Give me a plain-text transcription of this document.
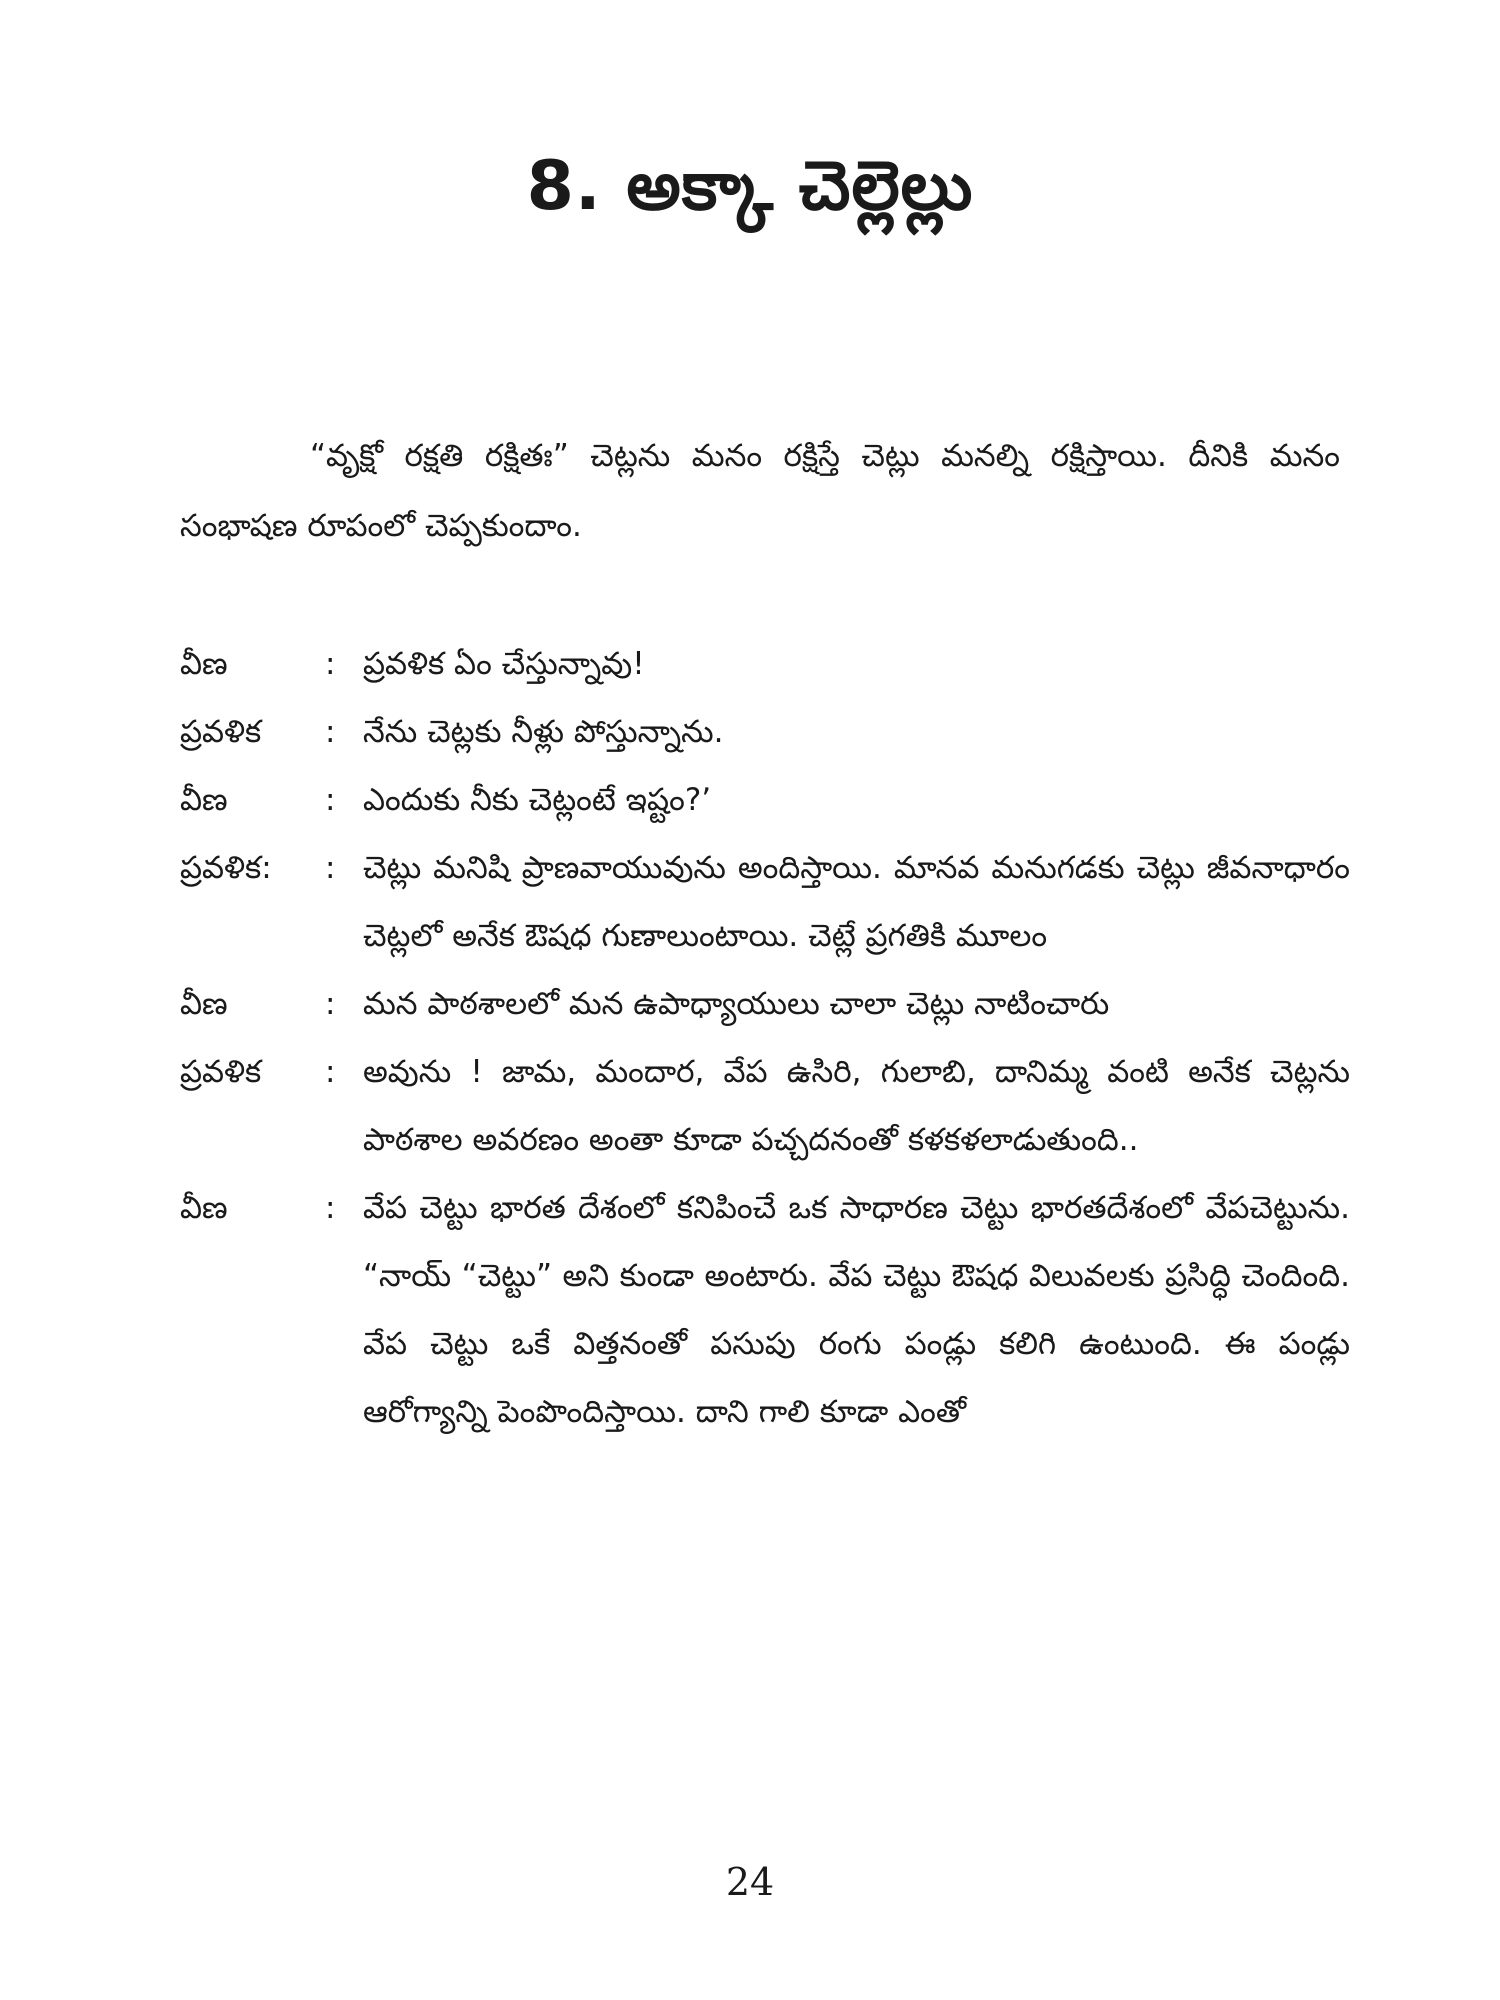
8. అక్కా చెల్లెల్లు

“వృక్షో రక్షతి రక్షితః” చెట్లను మనం రక్షిస్తే చెట్లు మనల్ని రక్షిస్తాయి. దీనికి మనం సంభాషణ రూపంలో చెప్పకుందాం.

వీణ	: ప్రవళిక ఏం చేస్తున్నావు!
ప్రవళిక	: నేను చెట్లకు నీళ్లు పోస్తున్నాను.
వీణ	: ఎందుకు నీకు చెట్లంటే ఇష్టం?’
ప్రవళిక:	: చెట్లు మనిషి ప్రాణవాయువును అందిస్తాయి. మానవ మనుగడకు చెట్లు జీవనాధారం చెట్లలో అనేక ఔషధ గుణాలుంటాయి. చెట్లే ప్రగతికి మూలం
వీణ	: మన పాఠశాలలో మన ఉపాధ్యాయులు చాలా చెట్లు నాటించారు
ప్రవళిక	: అవును ! జామ, మందార, వేప ఉసిరి, గులాబి, దానిమ్మ వంటి అనేక చెట్లను పాఠశాల అవరణం అంతా కూడా పచ్చదనంతో కళకళలాడుతుంది..
వీణ	: వేప చెట్టు భారత దేశంలో కనిపించే ఒక సాధారణ చెట్టు భారతదేశంలో వేపచెట్టును. “నాయ్ “చెట్టు” అని కుండా అంటారు. వేప చెట్టు ఔషధ విలువలకు ప్రసిద్ధి చెందింది. వేప చెట్టు ఒకే విత్తనంతో పసుపు రంగు పండ్లు కలిగి ఉంటుంది. ఈ పండ్లు ఆరోగ్యాన్ని పెంపొందిస్తాయి. దాని గాలి కూడా ఎంతో
24
